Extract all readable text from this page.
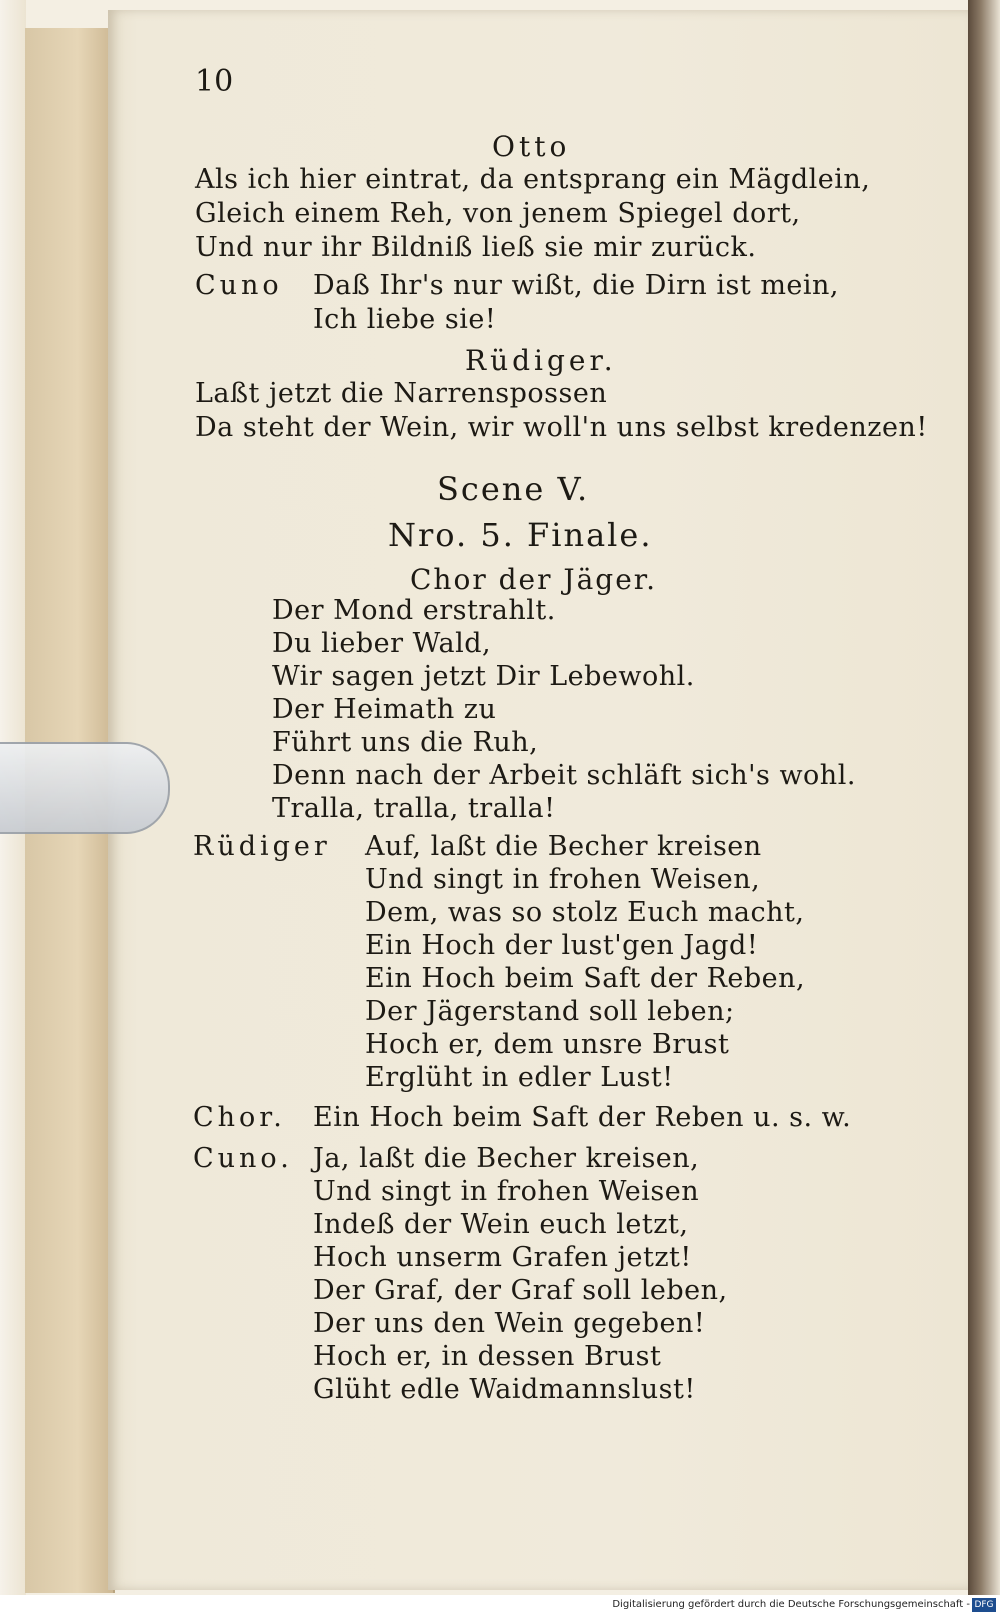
10
Otto
Als ich hier eintrat, da entsprang ein Mägdlein,
Gleich einem Reh, von jenem Spiegel dort,
Und nur ihr Bildniß ließ sie mir zurück.
Cuno Daß Ihr's nur wißt, die Dirn ist mein,
Ich liebe sie!
Rüdiger.
Laßt jetzt die Narrenspossen
Da steht der Wein, wir woll'n uns selbst kredenzen!
Scene V.
Nro. 5. Finale.
Chor der Jäger.
Der Mond erstrahlt.
Du lieber Wald,
Wir sagen jetzt Dir Lebewohl.
Der Heimath zu
Führt uns die Ruh,
Denn nach der Arbeit schläft sich's wohl.
Tralla, tralla, tralla!
Rüdiger Auf, laßt die Becher kreisen
Und singt in frohen Weisen,
Dem, was so stolz Euch macht,
Ein Hoch der lust'gen Jagd!
Ein Hoch beim Saft der Reben,
Der Jägerstand soll leben;
Hoch er, dem unsre Brust
Erglüht in edler Lust!
Chor. Ein Hoch beim Saft der Reben u. s. w.
Cuno. Ja, laßt die Becher kreisen,
Und singt in frohen Weisen
Indeß der Wein euch letzt,
Hoch unserm Grafen jetzt!
Der Graf, der Graf soll leben,
Der uns den Wein gegeben!
Hoch er, in dessen Brust
Glüht edle Waidmannslust!
Digitalisierung gefördert durch die Deutsche Forschungsgemeinschaft - DFG
